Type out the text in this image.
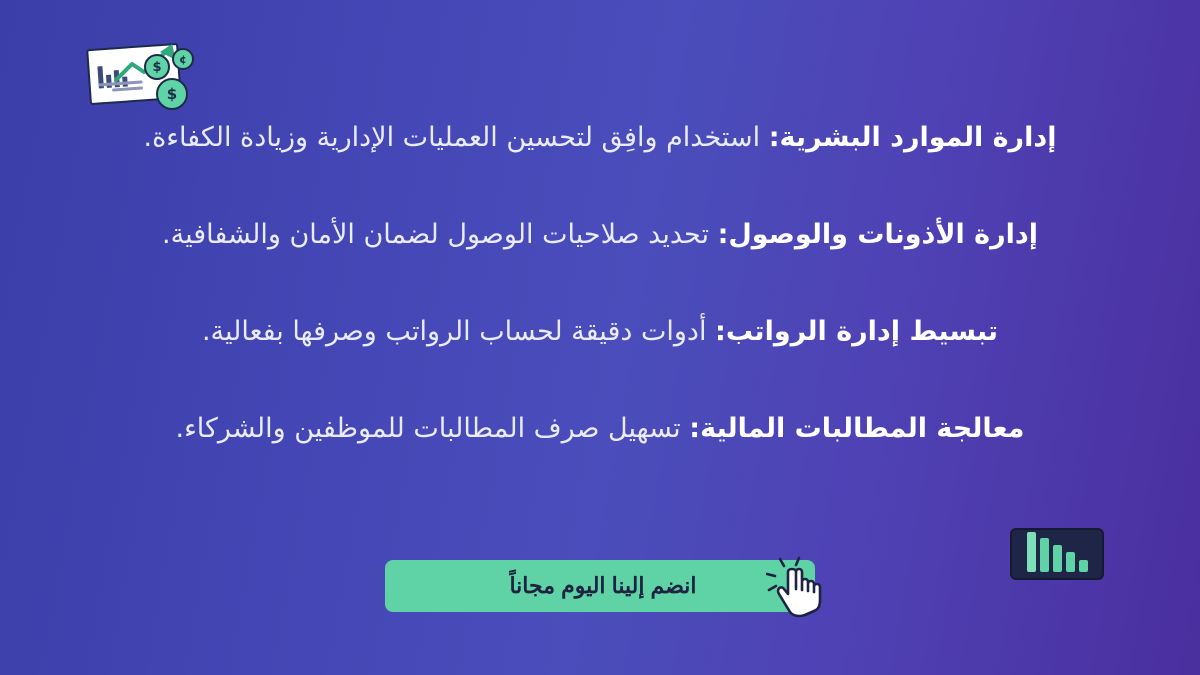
$
¢
$

إدارة الموارد البشرية: استخدام وافِق لتحسين العمليات الإدارية وزيادة الكفاءة.

إدارة الأذونات والوصول: تحديد صلاحيات الوصول لضمان الأمان والشفافية.

تبسيط إدارة الرواتب: أدوات دقيقة لحساب الرواتب وصرفها بفعالية.

معالجة المطالبات المالية: تسهيل صرف المطالبات للموظفين والشركاء.

انضم إلينا اليوم مجاناً
